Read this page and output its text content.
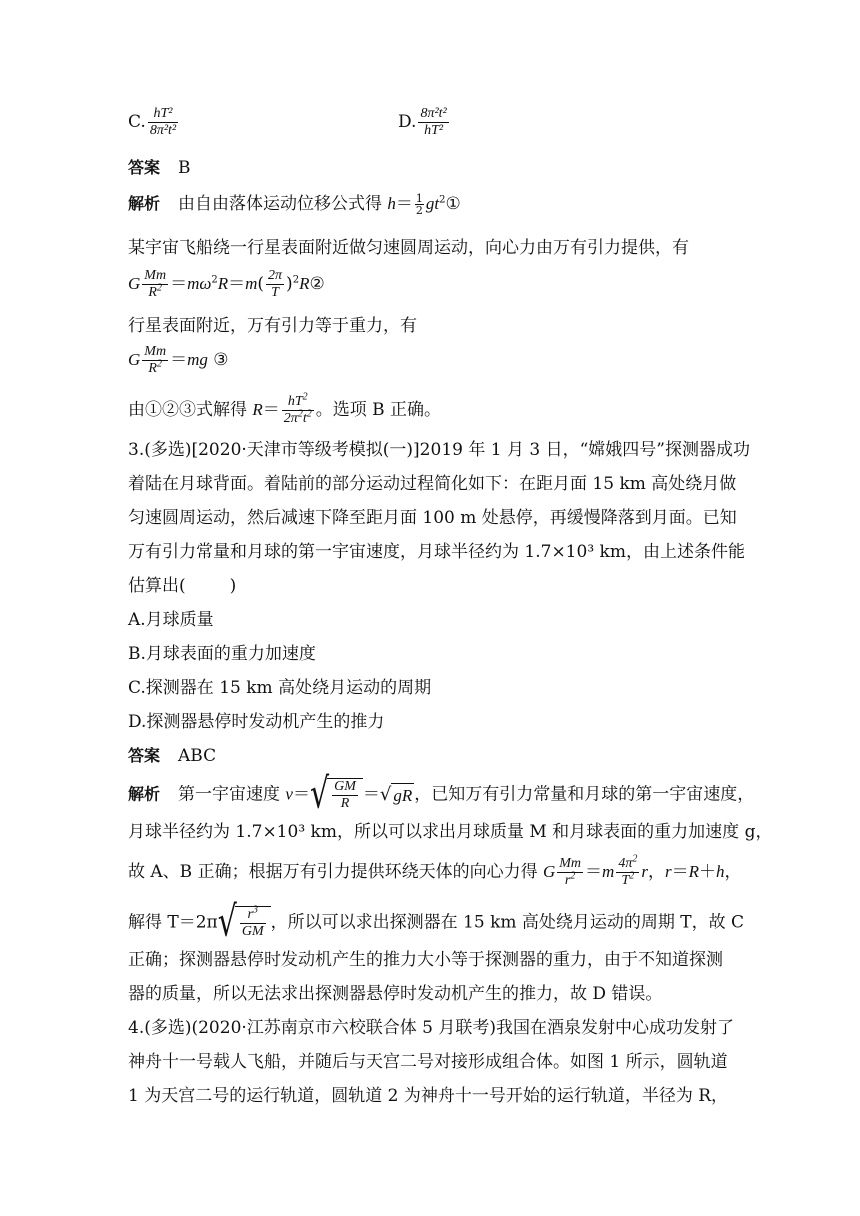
C. $\frac{\text{hT²}}{\text{8π²t²}}$	D. $\frac{\text{8π²t²}}{\text{hT²}}$
答案 B
解析 由自由落体运动位移公式得 $h= \frac{1}{2}$ $gt^2①$
某宇宙飞船绕一行星表面附近做匀速圆周运动，向心力由万有引力提供，有
G $\frac{Mm}{R^2} =m\omega^2R=m( \frac{2\pi}{T}$ )$^2R②$
行星表面附近，万有引力等于重力，有
G $\frac{Mm}{R^2} =mg$ ③
由①②③式解得 $R= \frac{hT^2}{2\pi^2t^2}$ 。选项 B 正确。
3.(多选)[2020·天津市等级考模拟(一)]2019 年 1 月 3 日，“嫦娥四号”探测器成功
着陆在月球背面。着陆前的部分运动过程简化如下：在距月面 15 km 高处绕月做
匀速圆周运动，然后减速下降至距月面 100 m 处悬停，再缓慢降落到月面。已知
万有引力常量和月球的第一宇宙速度，月球半径约为 1.7×10³ km，由上述条件能
估算出(	)
A.月球质量
B.月球表面的重力加速度
C.探测器在 15 km 高处绕月运动的周期
D.探测器悬停时发动机产生的推力
答案 ABC
解析 第一宇宙速度 $v=√ \frac{GM}{R}$ ＝√ gR ，已知万有引力常量和月球的第一宇宙速度，
月球半径约为 1.7×10³ km，所以可以求出月球质量 M 和月球表面的重力加速度 g，
故 A、B 正确；根据万有引力提供环绕天体的向心力得 G $\frac{Mm}{r^2} =m \frac{4\pi^2}{T^2}$ r，r＝R＋h，
解得 $T=2\pi√ \frac{r^3}{GM}$ ，所以可以求出探测器在 15 km 高处绕月运动的周期 T，故 C
正确；探测器悬停时发动机产生的推力大小等于探测器的重力，由于不知道探测
器的质量，所以无法求出探测器悬停时发动机产生的推力，故 D 错误。
4.(多选)(2020·江苏南京市六校联合体 5 月联考)我国在酒泉发射中心成功发射了
神舟十一号载人飞船，并随后与天宫二号对接形成组合体。如图 1 所示，圆轨道
1 为天宫二号的运行轨道，圆轨道 2 为神舟十一号开始的运行轨道，半径为 R，
